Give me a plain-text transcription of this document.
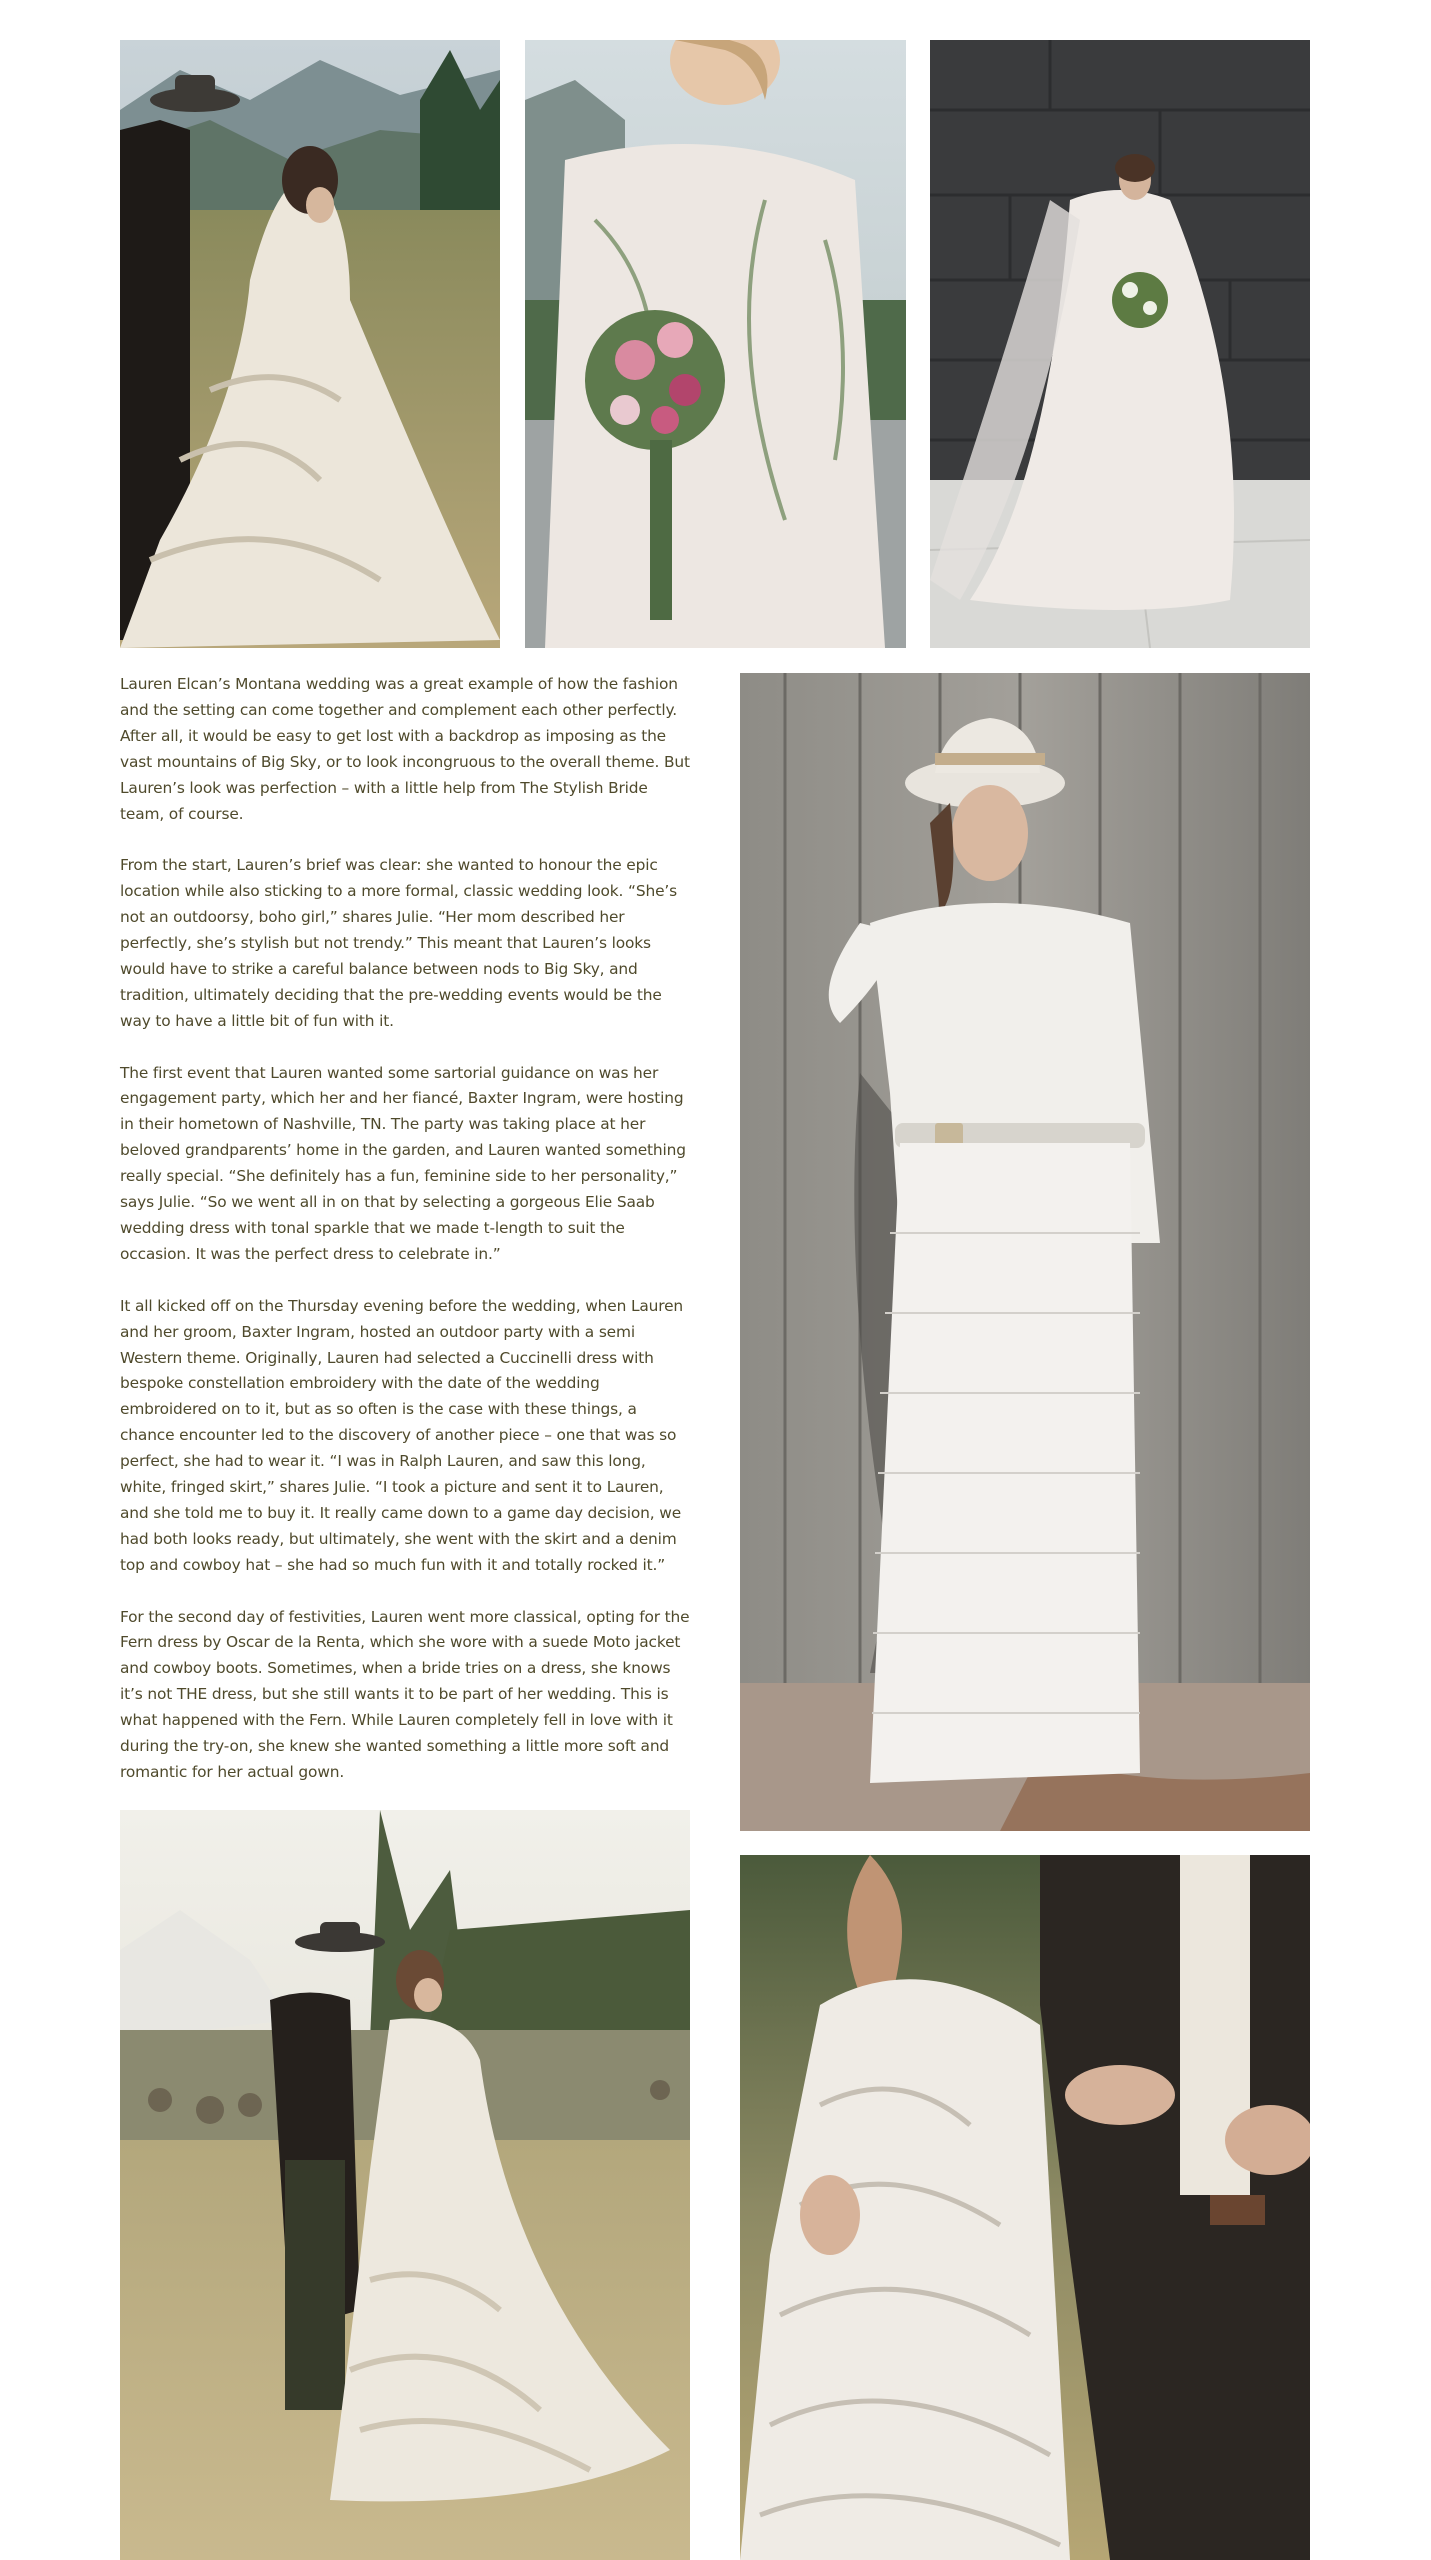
Lauren Elcan’s Montana wedding was a great example of how the fashion and the setting can come together and complement each other perfectly. After all, it would be easy to get lost with a backdrop as imposing as the vast mountains of Big Sky, or to look incongruous to the overall theme. But Lauren’s look was perfection – with a little help from The Stylish Bride team, of course.

From the start, Lauren’s brief was clear: she wanted to honour the epic location while also sticking to a more formal, classic wedding look. “She’s not an outdoorsy, boho girl,” shares Julie. “Her mom described her perfectly, she’s stylish but not trendy.” This meant that Lauren’s looks would have to strike a careful balance between nods to Big Sky, and tradition, ultimately deciding that the pre-wedding events would be the way to have a little bit of fun with it.

The first event that Lauren wanted some sartorial guidance on was her engagement party, which her and her fiancé, Baxter Ingram, were hosting in their hometown of Nashville, TN. The party was taking place at her beloved grandparents’ home in the garden, and Lauren wanted something really special. “She definitely has a fun, feminine side to her personality,” says Julie. “So we went all in on that by selecting a gorgeous Elie Saab wedding dress with tonal sparkle that we made t-length to suit the occasion. It was the perfect dress to celebrate in.”

It all kicked off on the Thursday evening before the wedding, when Lauren and her groom, Baxter Ingram, hosted an outdoor party with a semi Western theme. Originally, Lauren had selected a Cuccinelli dress with bespoke constellation embroidery with the date of the wedding embroidered on to it, but as so often is the case with these things, a chance encounter led to the discovery of another piece – one that was so perfect, she had to wear it. “I was in Ralph Lauren, and saw this long, white, fringed skirt,” shares Julie. “I took a picture and sent it to Lauren, and she told me to buy it. It really came down to a game day decision, we had both looks ready, but ultimately, she went with the skirt and a denim top and cowboy hat – she had so much fun with it and totally rocked it.”

For the second day of festivities, Lauren went more classical, opting for the Fern dress by Oscar de la Renta, which she wore with a suede Moto jacket and cowboy boots. Sometimes, when a bride tries on a dress, she knows it’s not THE dress, but she still wants it to be part of her wedding. This is what happened with the Fern. While Lauren completely fell in love with it during the try-on, she knew she wanted something a little more soft and romantic for her actual gown.
